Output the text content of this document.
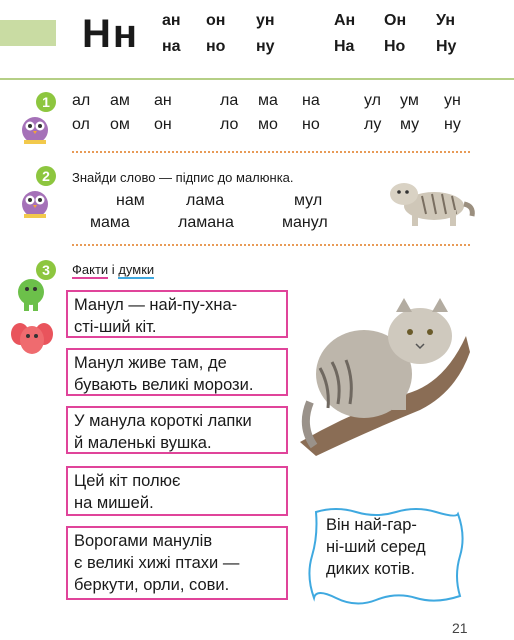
Нн ан он ун
на но ну
Ан Он Ун
На Но Ну
1	ал ам ан	ла ма на	ул ум ун
ол ом он	ло мо но	лу му ну
2	Знайди слово — підпис до малюнка.
нам	лама	мул
мама	ламана	манул
3	Факти і думки
Манул — най-пу-хна-
сті-ший кіт.
Манул живе там, де
бувають великі морози.
У манула короткі лапки
й маленькі вушка.
Цей кіт полює
на мишей.
Ворогами манулів
є великі хижі птахи —
беркути, орли, сови.
Він най-гар-
ні-ший серед
диких котів.
21
